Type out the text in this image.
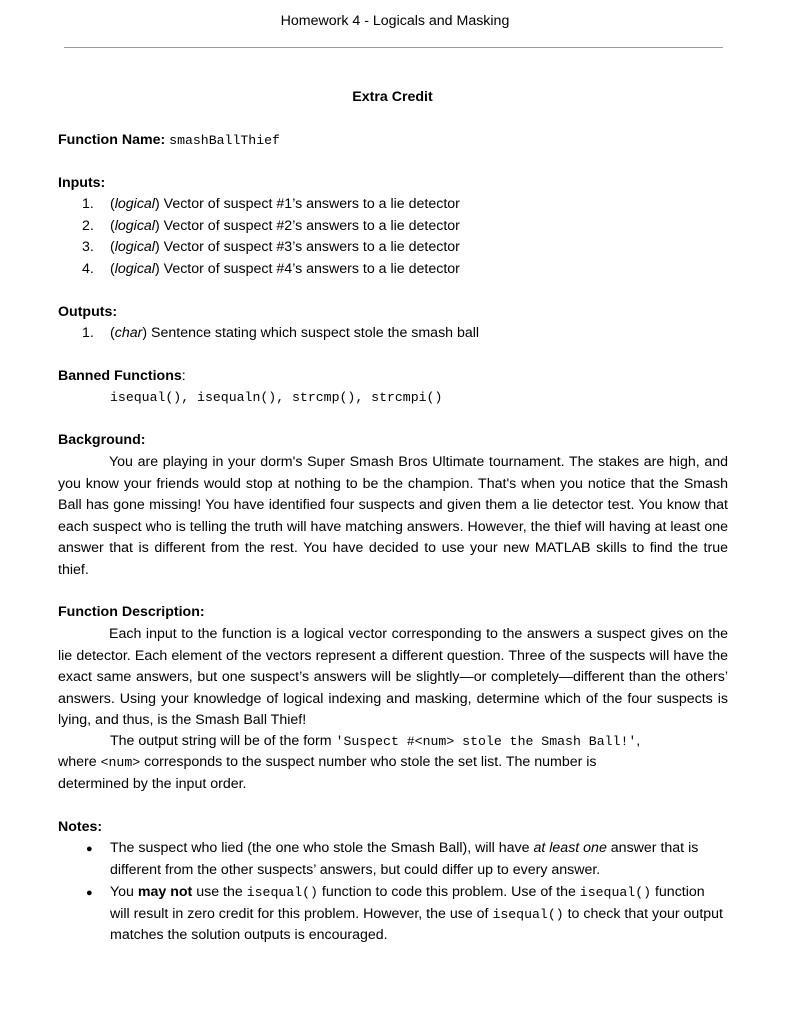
Homework 4 - Logicals and Masking
Extra Credit
Function Name: smashBallThief
Inputs:
1. (logical) Vector of suspect #1’s answers to a lie detector
2. (logical) Vector of suspect #2’s answers to a lie detector
3. (logical) Vector of suspect #3’s answers to a lie detector
4. (logical) Vector of suspect #4’s answers to a lie detector
Outputs:
1. (char) Sentence stating which suspect stole the smash ball
Banned Functions:
isequal(), isequaln(), strcmp(), strcmpi()
Background:
You are playing in your dorm's Super Smash Bros Ultimate tournament. The stakes are high, and you know your friends would stop at nothing to be the champion. That's when you notice that the Smash Ball has gone missing! You have identified four suspects and given them a lie detector test. You know that each suspect who is telling the truth will have matching answers. However, the thief will having at least one answer that is different from the rest. You have decided to use your new MATLAB skills to find the true thief.
Function Description:
Each input to the function is a logical vector corresponding to the answers a suspect gives on the lie detector. Each element of the vectors represent a different question. Three of the suspects will have the exact same answers, but one suspect’s answers will be slightly—or completely—different than the others’ answers. Using your knowledge of logical indexing and masking, determine which of the four suspects is lying, and thus, is the Smash Ball Thief!
The output string will be of the form 'Suspect #<num> stole the Smash Ball!',
where <num> corresponds to the suspect number who stole the set list. The number is
determined by the input order.
Notes:
● The suspect who lied (the one who stole the Smash Ball), will have at least one answer that is different from the other suspects’ answers, but could differ up to every answer.
● You may not use the isequal() function to code this problem. Use of the isequal() function will result in zero credit for this problem. However, the use of isequal() to check that your output matches the solution outputs is encouraged.
